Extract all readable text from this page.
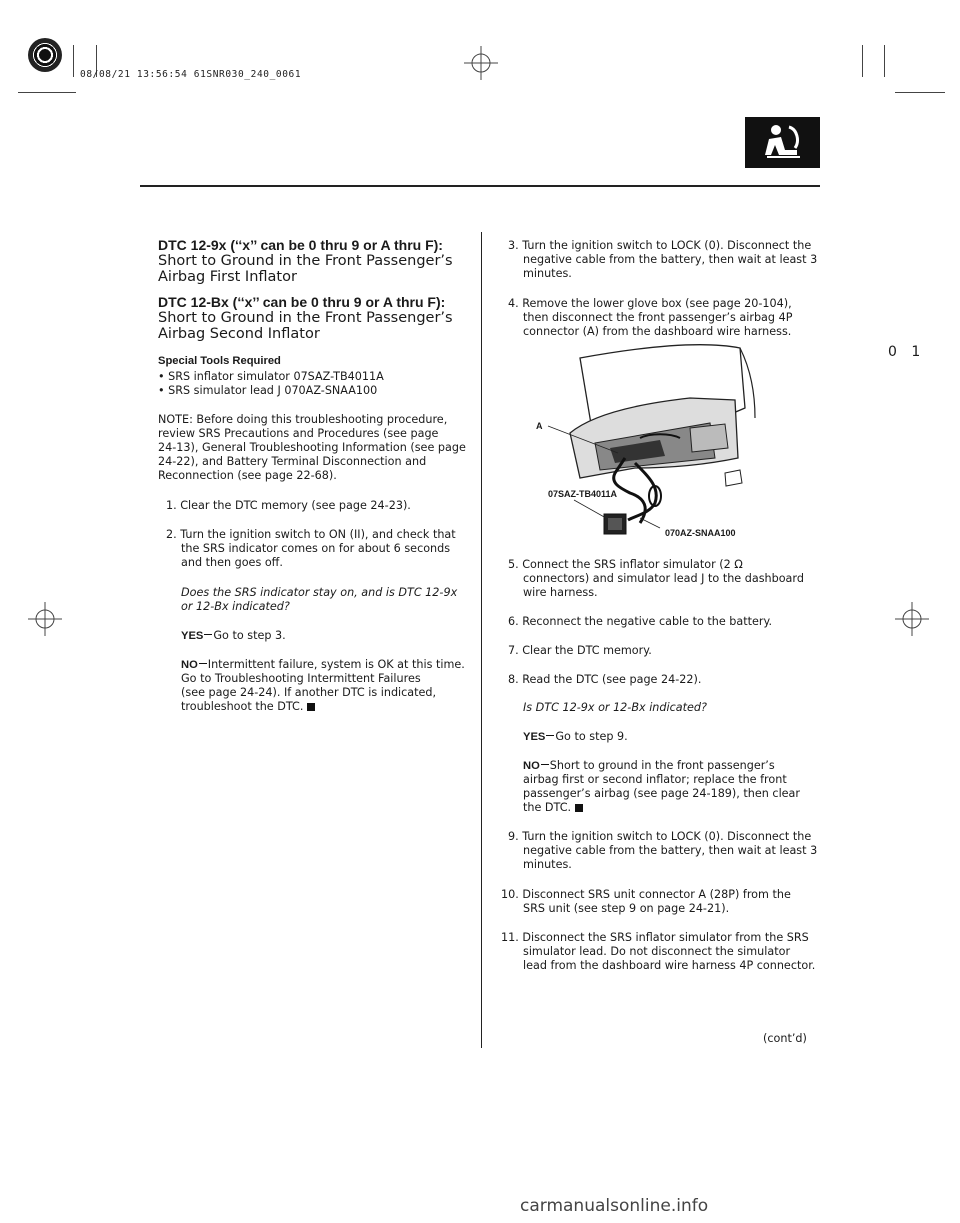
08/08/21 13:56:54 61SNR030_240_0061
0 1
DTC 12-9x (‘‘x’’ can be 0 thru 9 or A thru F):
Short to Ground in the Front Passenger’s
Airbag First Inflator
DTC 12-Bx (‘‘x’’ can be 0 thru 9 or A thru F):
Short to Ground in the Front Passenger’s
Airbag Second Inflator
Special Tools Required
• SRS inflator simulator 07SAZ-TB4011A
• SRS simulator lead J 070AZ-SNAA100
NOTE: Before doing this troubleshooting procedure,
review SRS Precautions and Procedures (see page
24-13), General Troubleshooting Information (see page
24-22), and Battery Terminal Disconnection and
Reconnection (see page 22-68).
1. Clear the DTC memory (see page 24-23).
2. Turn the ignition switch to ON (II), and check that
the SRS indicator comes on for about 6 seconds
and then goes off.
Does the SRS indicator stay on, and is DTC 12-9x
or 12-Bx indicated?
YES Go to step 3.
NO Intermittent failure, system is OK at this time.
Go to Troubleshooting Intermittent Failures
(see page 24-24). If another DTC is indicated,
troubleshoot the DTC.
3. Turn the ignition switch to LOCK (0). Disconnect the
negative cable from the battery, then wait at least 3
minutes.
4. Remove the lower glove box (see page 20-104),
then disconnect the front passenger’s airbag 4P
connector (A) from the dashboard wire harness.
A
07SAZ-TB4011A
070AZ-SNAA100
5. Connect the SRS inflator simulator (2 Ω
connectors) and simulator lead J to the dashboard
wire harness.
6. Reconnect the negative cable to the battery.
7. Clear the DTC memory.
8. Read the DTC (see page 24-22).
Is DTC 12-9x or 12-Bx indicated?
YES Go to step 9.
NO Short to ground in the front passenger’s
airbag first or second inflator; replace the front
passenger’s airbag (see page 24-189), then clear
the DTC.
9. Turn the ignition switch to LOCK (0). Disconnect the
negative cable from the battery, then wait at least 3
minutes.
10. Disconnect SRS unit connector A (28P) from the
SRS unit (see step 9 on page 24-21).
11. Disconnect the SRS inflator simulator from the SRS
simulator lead. Do not disconnect the simulator
lead from the dashboard wire harness 4P connector.
(cont’d)
carmanualsonline.info
